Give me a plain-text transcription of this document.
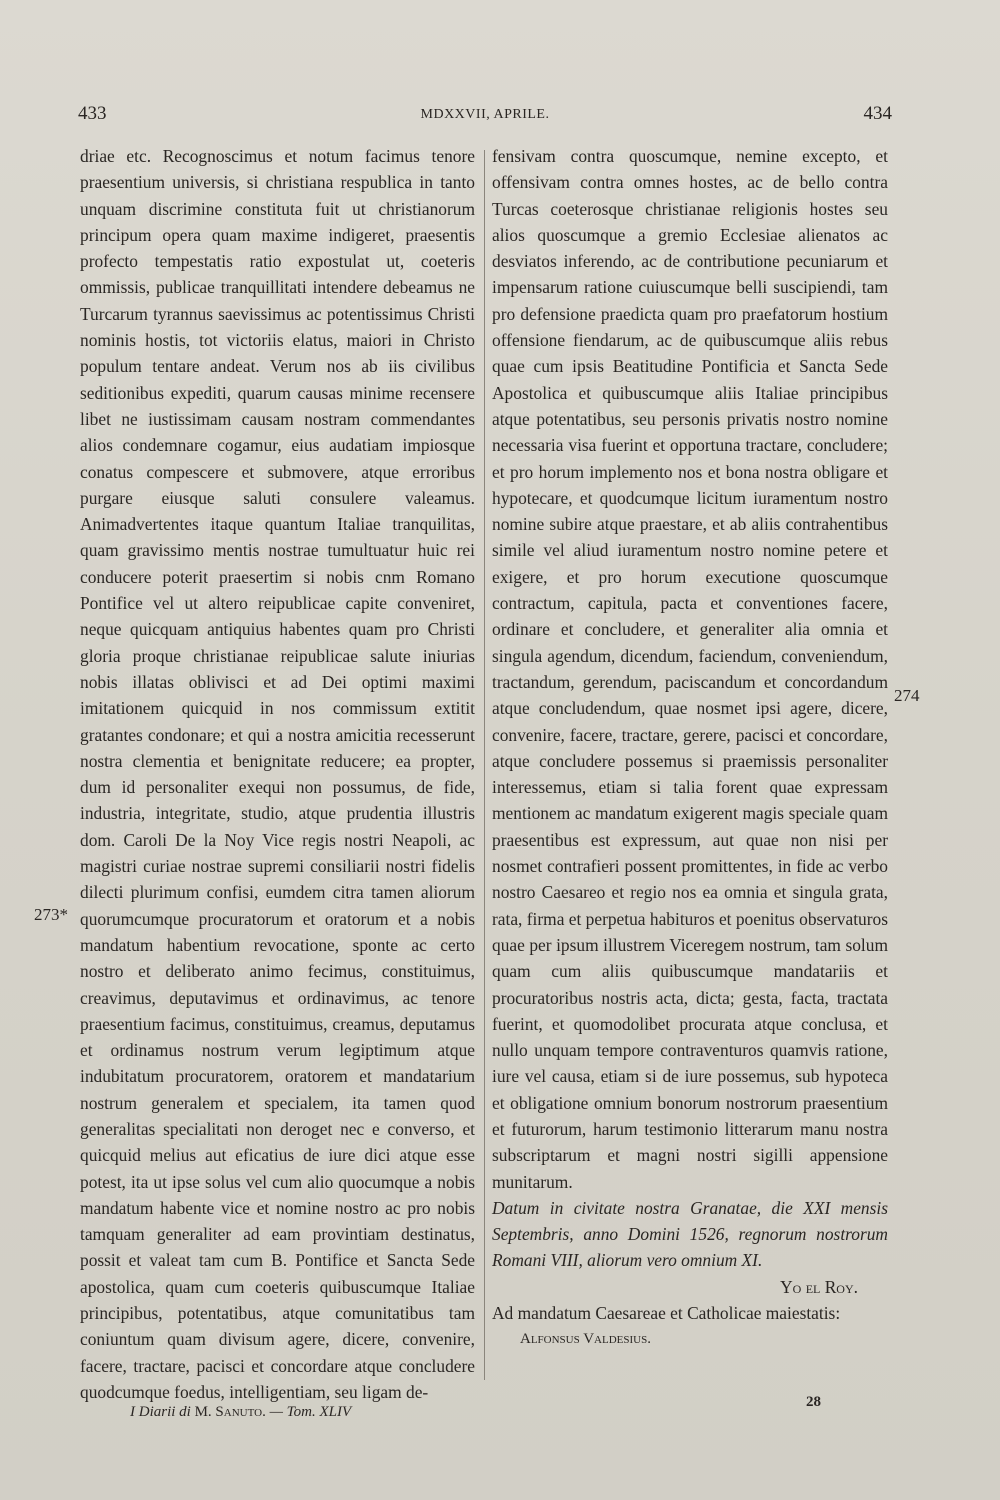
433	MDXXVII, APRILE.	434

driae etc. Recognoscimus et notum facimus tenore praesentium universis, si christiana respublica in tanto unquam discrimine constituta fuit ut christianorum principum opera quam maxime indigeret, praesentis profecto tempestatis ratio expostulat ut, coeteris ommissis, publicae tranquillitati intendere debeamus ne Turcarum tyrannus saevissimus ac potentissimus Christi nominis hostis, tot victoriis elatus, maiori in Christo populum tentare andeat. Verum nos ab iis civilibus seditionibus expediti, quarum causas minime recensere libet ne iustissimam causam nostram commendantes alios condemnare cogamur, eius audatiam impiosque conatus compescere et submovere, atque erroribus purgare eiusque saluti consulere valeamus. Animadvertentes itaque quantum Italiae tranquilitas, quam gravissimo mentis nostrae tumultuatur huic rei conducere poterit praesertim si nobis cnm Romano Pontifice vel ut altero reipublicae capite conveniret, neque quicquam antiquius habentes quam pro Christi gloria proque christianae reipublicae salute iniurias nobis illatas oblivisci et ad Dei optimi maximi imitationem quicquid in nos commissum extitit gratantes condonare; et qui a nostra amicitia recesserunt nostra clementia et benignitate reducere; ea propter, dum id personaliter exequi non possumus, de fide, industria, integritate, studio, atque prudentia illustris dom. Caroli De la Noy Vice regis nostri Neapoli, ac magistri curiae nostrae supremi consiliarii nostri fidelis dilecti plurimum confisi, eumdem citra tamen aliorum quorumcumque procuratorum et oratorum et a nobis mandatum habentium revocatione, sponte ac certo nostro et deliberato animo fecimus, constituimus, creavimus, deputavimus et ordinavimus, ac tenore praesentium facimus, constituimus, creamus, deputamus et ordinamus nostrum verum legiptimum atque indubitatum procuratorem, oratorem et mandatarium nostrum generalem et specialem, ita tamen quod generalitas specialitati non deroget nec e converso, et quicquid melius aut eficatius de iure dici atque esse potest, ita ut ipse solus vel cum alio quocumque a nobis mandatum habente vice et nomine nostro ac pro nobis tamquam generaliter ad eam provintiam destinatus, possit et valeat tam cum B. Pontifice et Sancta Sede apostolica, quam cum coeteris quibuscumque Italiae principibus, potentatibus, atque comunitatibus tam coniuntum quam divisum agere, dicere, convenire, facere, tractare, pacisci et concordare atque concludere quodcumque foedus, intelligentiam, seu ligam de-

fensivam contra quoscumque, nemine excepto, et offensivam contra omnes hostes, ac de bello contra Turcas coeterosque christianae religionis hostes seu alios quoscumque a gremio Ecclesiae alienatos ac desviatos inferendo, ac de contributione pecuniarum et impensarum ratione cuiuscumque belli suscipiendi, tam pro defensione praedicta quam pro praefatorum hostium offensione fiendarum, ac de quibuscumque aliis rebus quae cum ipsis Beatitudine Pontificia et Sancta Sede Apostolica et quibuscumque aliis Italiae principibus atque potentatibus, seu personis privatis nostro nomine necessaria visa fuerint et opportuna tractare, concludere; et pro horum implemento nos et bona nostra obligare et hypotecare, et quodcumque licitum iuramentum nostro nomine subire atque praestare, et ab aliis contrahentibus simile vel aliud iuramentum nostro nomine petere et exigere, et pro horum executione quoscumque contractum, capitula, pacta et conventiones facere, ordinare et concludere, et generaliter alia omnia et singula agendum, dicendum, faciendum, conveniendum, tractandum, gerendum, paciscandum et concordandum atque concludendum, quae nosmet ipsi agere, dicere, convenire, facere, tractare, gerere, pacisci et concordare, atque concludere possemus si praemissis personaliter interessemus, etiam si talia forent quae expressam mentionem ac mandatum exigerent magis speciale quam praesentibus est expressum, aut quae non nisi per nosmet contrafieri possent promittentes, in fide ac verbo nostro Caesareo et regio nos ea omnia et singula grata, rata, firma et perpetua habituros et poenitus observaturos quae per ipsum illustrem Viceregem nostrum, tam solum quam cum aliis quibuscumque mandatariis et procuratoribus nostris acta, dicta; gesta, facta, tractata fuerint, et quomodolibet procurata atque conclusa, et nullo unquam tempore contraventuros quamvis ratione, iure vel causa, etiam si de iure possemus, sub hypoteca et obligatione omnium bonorum nostrorum praesentium et futurorum, harum testimonio litterarum manu nostra subscriptarum et magni nostri sigilli appensione munitarum.

Datum in civitate nostra Granatae, die XXI mensis Septembris, anno Domini 1526, regnorum nostrorum Romani VIII, aliorum vero omnium XI.

Yo el Roy.

Ad mandatum Caesareae et Catholicae maiestatis:

Alfonsus Valdesius.

273*
274
I Diarii di M. Sanuto. — Tom. XLIV
28
